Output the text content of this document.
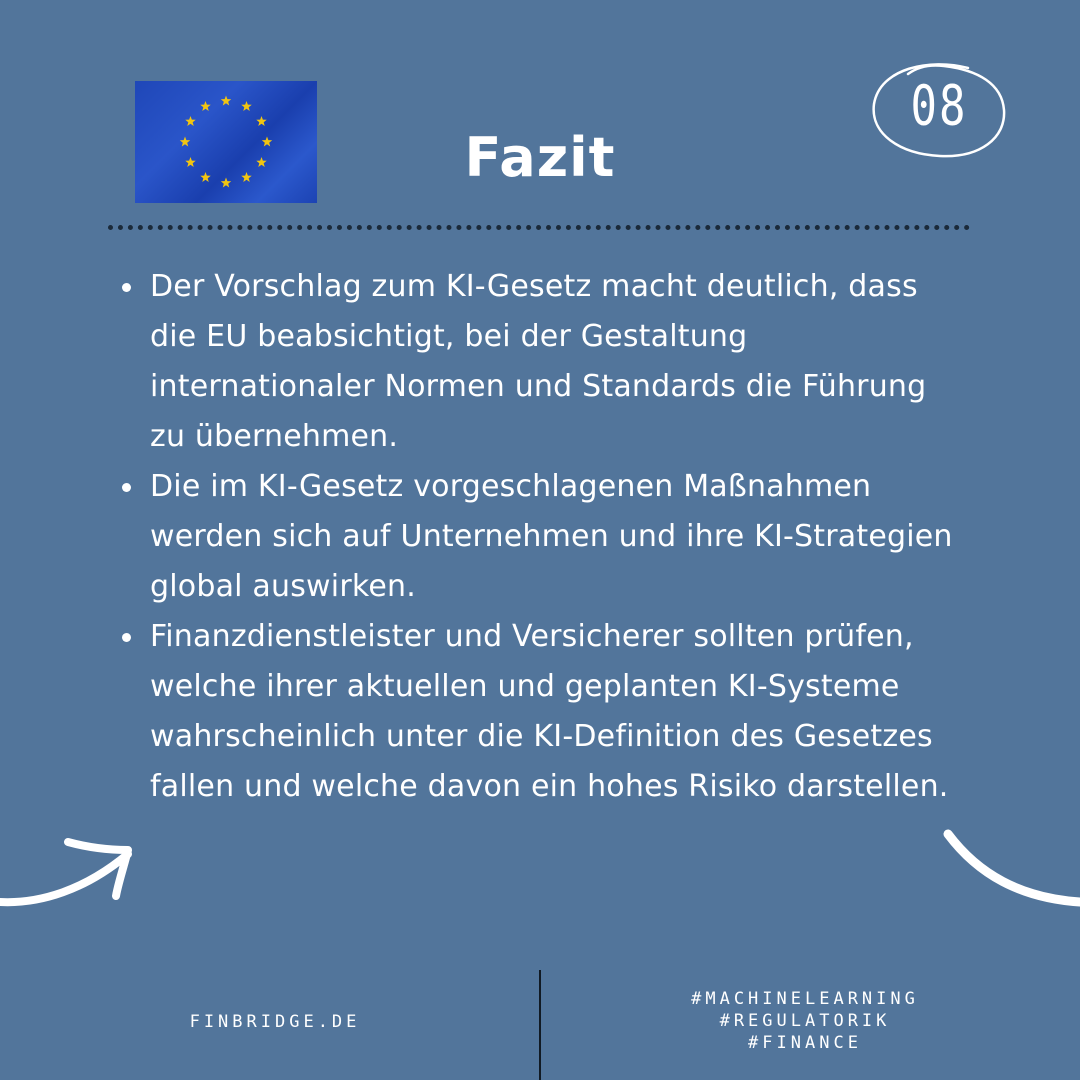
Fazit
08
Der Vorschlag zum KI-Gesetz macht deutlich, dass die EU beabsichtigt, bei der Gestaltung internationaler Normen und Standards die Führung zu übernehmen.
Die im KI-Gesetz vorgeschlagenen Maßnahmen werden sich auf Unternehmen und ihre KI-Strategien global auswirken.
Finanzdienstleister und Versicherer sollten prüfen, welche ihrer aktuellen und geplanten KI-Systeme wahrscheinlich unter die KI-Definition des Gesetzes fallen und welche davon ein hohes Risiko darstellen.
FINBRIDGE.DE
#MACHINELEARNING
#REGULATORIK
#FINANCE
